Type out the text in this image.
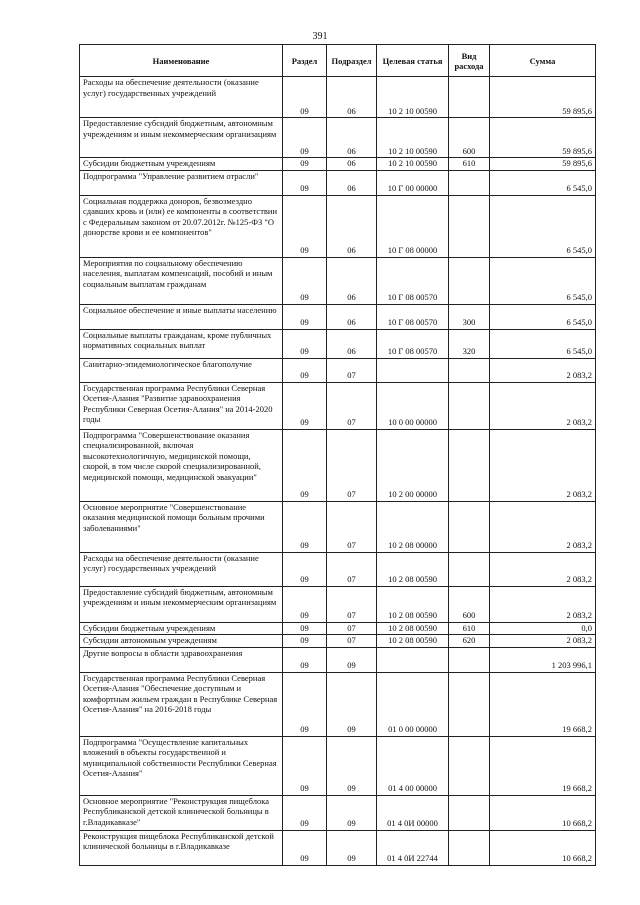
391
Наименование	Раздел	Подраздел	Целевая статья	Вид расхода	Сумма
Расходы на обеспечение деятельности (оказание услуг) государственных учреждений	09	06	10 2 10 00590		59 895,6
Предоставление субсидий бюджетным, автономным учреждениям и иным некоммерческим организациям	09	06	10 2 10 00590	600	59 895,6
Субсидии бюджетным учреждениям	09	06	10 2 10 00590	610	59 895,6
Подпрограмма "Управление развитием отрасли"	09	06	10 Г 00 00000		6 545,0
Социальная поддержка доноров, безвозмездно сдавших кровь и (или) ее компоненты в соответствии с Федеральным законом от 20.07.2012г. №125-ФЗ "О донорстве крови и ее компонентов"	09	06	10 Г 08 00000		6 545,0
Мероприятия по социальному обеспечению населения, выплатам компенсаций, пособий и иным социальным выплатам гражданам	09	06	10 Г 08 00570		6 545,0
Социальное обеспечение и иные выплаты населению	09	06	10 Г 08 00570	300	6 545,0
Социальные выплаты гражданам, кроме публичных нормативных социальных выплат	09	06	10 Г 08 00570	320	6 545,0
Санитарно-эпидемиологическое благополучие	09	07			2 083,2
Государственная программа Республики Северная Осетия-Алания "Развитие здравоохранения Республики Северная Осетия-Алания" на 2014-2020 годы	09	07	10 0 00 00000		2 083,2
Подпрограмма "Совершенствование оказания специализированной, включая высокотехнологичную, медицинской помощи, скорой, в том числе скорой специализированной, медицинской помощи, медицинской эвакуации"	09	07	10 2 00 00000		2 083,2
Основное мероприятие "Совершенствование оказания медицинской помощи больным прочими заболеваниями"	09	07	10 2 08 00000		2 083,2
Расходы на обеспечение деятельности (оказание услуг) государственных учреждений	09	07	10 2 08 00590		2 083,2
Предоставление субсидий бюджетным, автономным учреждениям и иным некоммерческим организациям	09	07	10 2 08 00590	600	2 083,2
Субсидии бюджетным учреждениям	09	07	10 2 08 00590	610	0,0
Субсидии автономным учреждениям	09	07	10 2 08 00590	620	2 083,2
Другие вопросы в области здравоохранения	09	09			1 203 996,1
Государственная программа Республики Северная Осетия-Алания "Обеспечение доступным и комфортным жильем граждан в Республике Северная Осетия-Алания" на 2016-2018 годы	09	09	01 0 00 00000		19 668,2
Подпрограмма "Осуществление капитальных вложений в объекты государственной и муниципальной собственности Республики Северная Осетия-Алания"	09	09	01 4 00 00000		19 668,2
Основное мероприятие "Реконструкция пищеблока Республиканской детской клинической больницы в г.Владикавказе"	09	09	01 4 0И 00000		10 668,2
Реконструкция пищеблока Республиканской детской клинической больницы в г.Владикавказе	09	09	01 4 0И 22744		10 668,2
